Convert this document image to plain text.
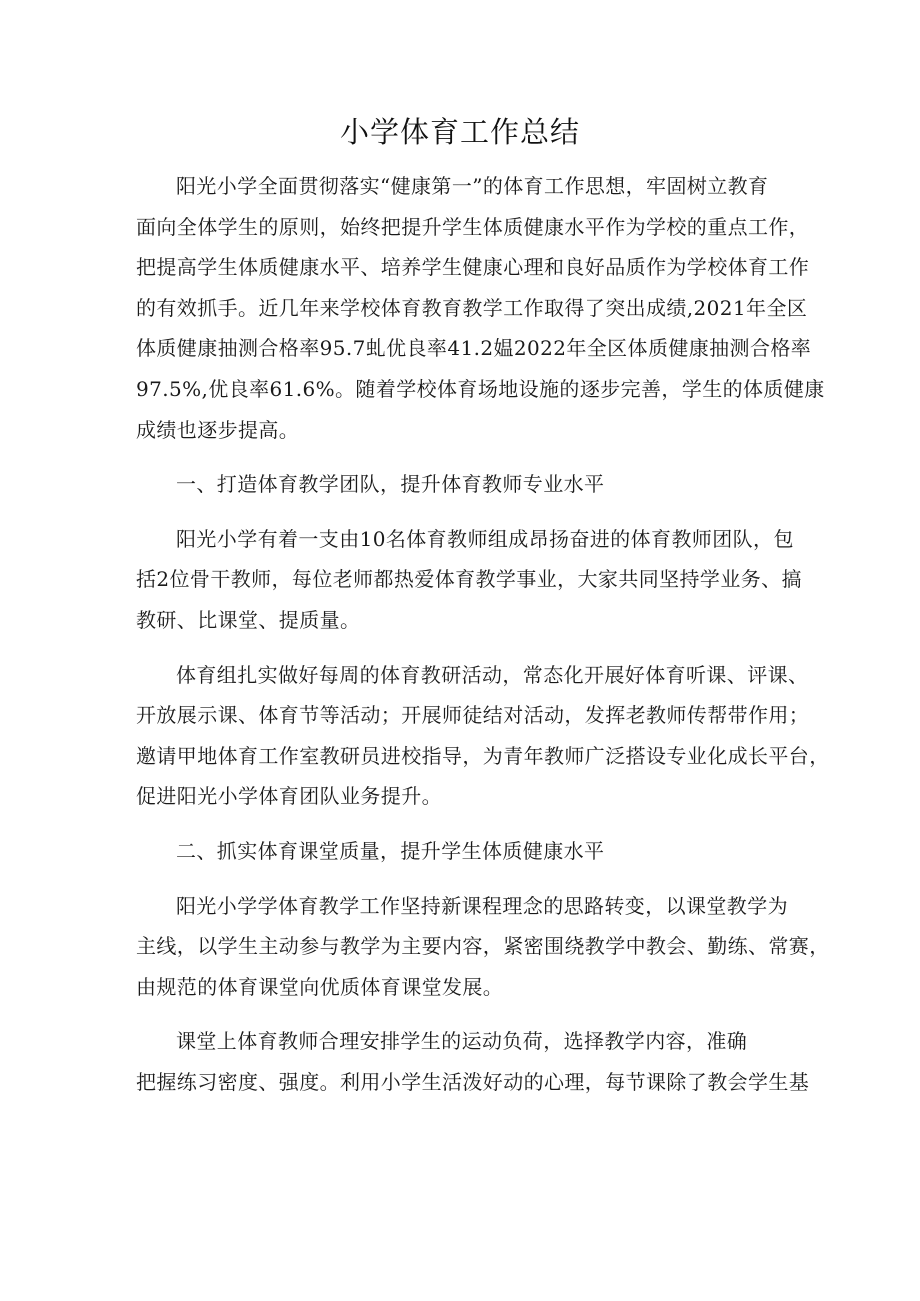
小学体育工作总结
阳光小学全面贯彻落实“健康第一”的体育工作思想，牢固树立教育
面向全体学生的原则，始终把提升学生体质健康水平作为学校的重点工作，
把提高学生体质健康水平、培养学生健康心理和良好品质作为学校体育工作
的有效抓手。近几年来学校体育教育教学工作取得了突出成绩,2021年全区
体质健康抽测合格率95.7虬优良率41.2媪2022年全区体质健康抽测合格率
97.5%,优良率61.6%。随着学校体育场地设施的逐步完善，学生的体质健康
成绩也逐步提高。
一、打造体育教学团队，提升体育教师专业水平
阳光小学有着一支由10名体育教师组成昂扬奋进的体育教师团队，包
括2位骨干教师，每位老师都热爱体育教学事业，大家共同坚持学业务、搞
教研、比课堂、提质量。
体育组扎实做好每周的体育教研活动，常态化开展好体育听课、评课、
开放展示课、体育节等活动；开展师徒结对活动，发挥老教师传帮带作用；
邀请甲地体育工作室教研员进校指导，为青年教师广泛搭设专业化成长平台，
促进阳光小学体育团队业务提升。
二、抓实体育课堂质量，提升学生体质健康水平
阳光小学学体育教学工作坚持新课程理念的思路转变，以课堂教学为
主线，以学生主动参与教学为主要内容，紧密围绕教学中教会、勤练、常赛，
由规范的体育课堂向优质体育课堂发展。
课堂上体育教师合理安排学生的运动负荷，选择教学内容，准确
把握练习密度、强度。利用小学生活泼好动的心理，每节课除了教会学生基
